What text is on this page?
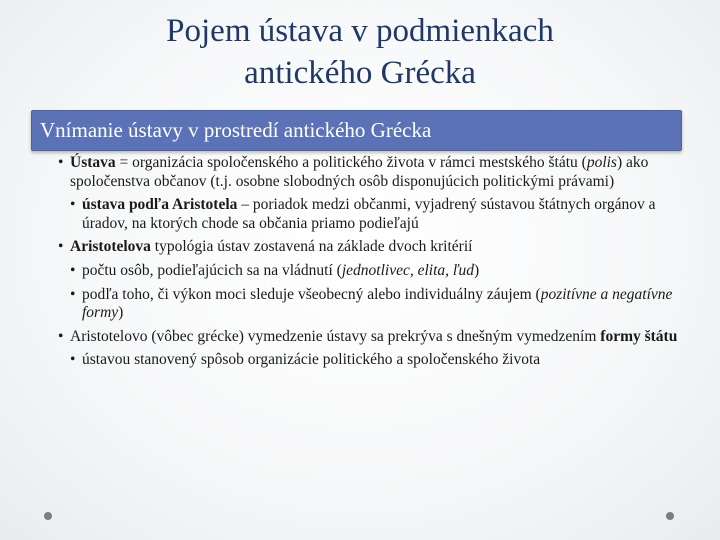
Pojem ústava v podmienkach
antického Grécka
Vnímanie ústavy v prostredí antického Grécka
• Ústava = organizácia spoločenského a politického života v rámci mestského štátu (polis) ako spoločenstva občanov (t.j. osobne slobodných osôb disponujúcich politickými právami)
• ústava podľa Aristotela – poriadok medzi občanmi, vyjadrený sústavou štátnych orgánov a úradov, na ktorých chode sa občania priamo podieľajú
• Aristotelova typológia ústav zostavená na základe dvoch kritérií
• počtu osôb, podieľajúcich sa na vládnutí (jednotlivec, elita, ľud)
• podľa toho, či výkon moci sleduje všeobecný alebo individuálny záujem (pozitívne a negatívne formy)
• Aristotelovo (vôbec grécke) vymedzenie ústavy sa prekrýva s dnešným vymedzením formy štátu
• ústavou stanovený spôsob organizácie politického a spoločenského života
